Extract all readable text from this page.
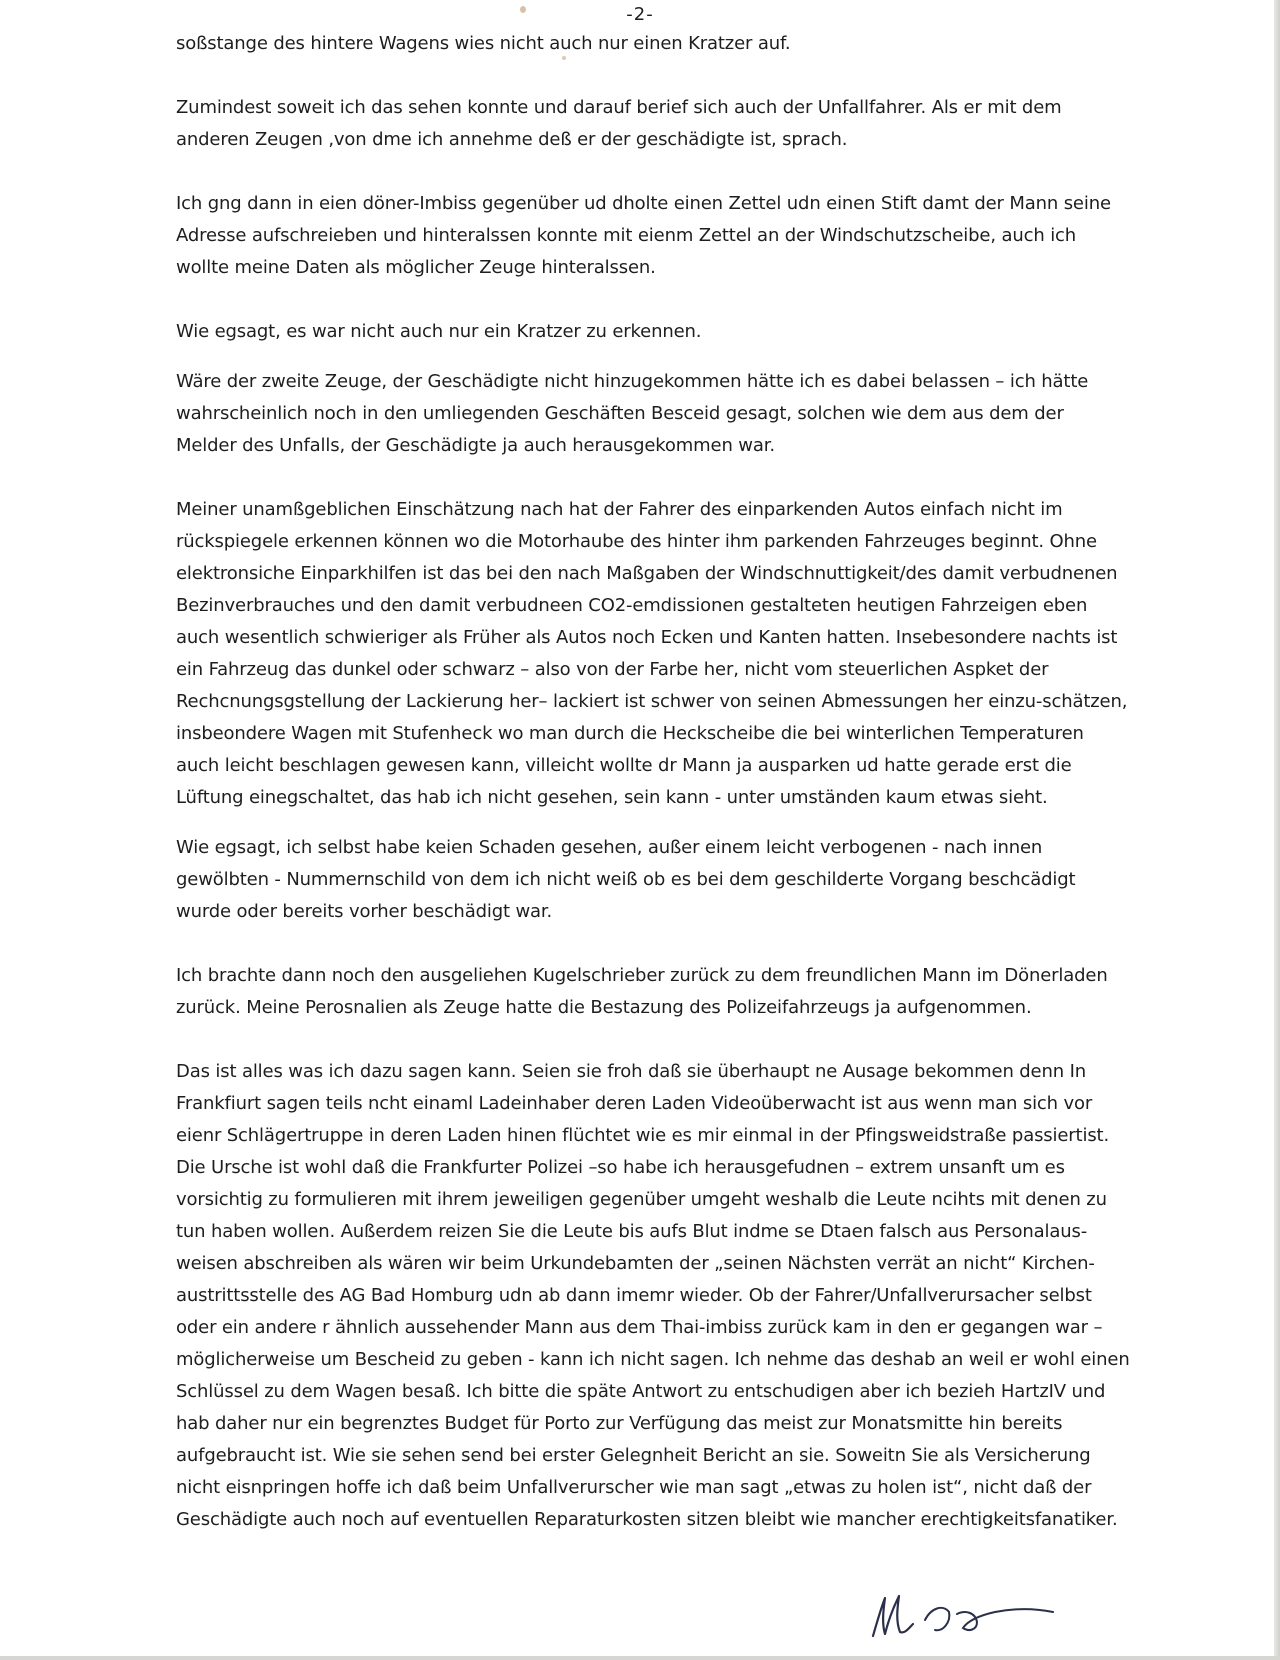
-2-
soßstange des hintere Wagens wies nicht auch nur einen Kratzer auf.
Zumindest soweit ich das sehen konnte und darauf berief sich auch der Unfallfahrer. Als er mit dem
anderen Zeugen ,von dme ich annehme deß er der geschädigte ist, sprach.
Ich gng dann in eien döner-Imbiss gegenüber ud dholte einen Zettel udn einen Stift damt der Mann seine
Adresse aufschreieben und hinteralssen konnte mit eienm Zettel an der Windschutzscheibe, auch ich
wollte meine Daten als möglicher Zeuge hinteralssen.
Wie egsagt, es war nicht auch nur ein Kratzer zu erkennen.
Wäre der zweite Zeuge, der Geschädigte nicht hinzugekommen hätte ich es dabei belassen – ich hätte
wahrscheinlich noch in den umliegenden Geschäften Besceid gesagt, solchen wie dem aus dem der
Melder des Unfalls, der Geschädigte ja auch herausgekommen war.
Meiner unamßgeblichen Einschätzung nach hat der Fahrer des einparkenden Autos einfach nicht im
rückspiegele erkennen können wo die Motorhaube des hinter ihm parkenden Fahrzeuges beginnt. Ohne
elektronsiche Einparkhilfen ist das bei den nach Maßgaben der Windschnuttigkeit/des damit verbudnenen
Bezinverbrauches und den damit verbudneen CO2-emdissionen gestalteten heutigen Fahrzeigen eben
auch wesentlich schwieriger als Früher als Autos noch Ecken und Kanten hatten. Insebesondere nachts ist
ein Fahrzeug das dunkel oder schwarz – also von der Farbe her, nicht vom steuerlichen Aspket der
Rechcnungsgstellung der Lackierung her– lackiert ist schwer von seinen Abmessungen her einzu-schätzen,
insbeondere Wagen mit Stufenheck wo man durch die Heckscheibe die bei winterlichen Temperaturen
auch leicht beschlagen gewesen kann, villeicht wollte dr Mann ja ausparken ud hatte gerade erst die
Lüftung einegschaltet, das hab ich nicht gesehen, sein kann - unter umständen kaum etwas sieht.
Wie egsagt, ich selbst habe keien Schaden gesehen, außer einem leicht verbogenen - nach innen
gewölbten - Nummernschild von dem ich nicht weiß ob es bei dem geschilderte Vorgang beschcädigt
wurde oder bereits vorher beschädigt war.
Ich brachte dann noch den ausgeliehen Kugelschrieber zurück zu dem freundlichen Mann im Dönerladen
zurück. Meine Perosnalien als Zeuge hatte die Bestazung des Polizeifahrzeugs ja aufgenommen.
Das ist alles was ich dazu sagen kann. Seien sie froh daß sie überhaupt ne Ausage bekommen denn In
Frankfiurt sagen teils ncht einaml Ladeinhaber deren Laden Videoüberwacht ist aus wenn man sich vor
eienr Schlägertruppe in deren Laden hinen flüchtet wie es mir einmal in der Pfingsweidstraße passiertist.
Die Ursche ist wohl daß die Frankfurter Polizei –so habe ich herausgefudnen – extrem unsanft um es
vorsichtig zu formulieren mit ihrem jeweiligen gegenüber umgeht weshalb die Leute ncihts mit denen zu
tun haben wollen. Außerdem reizen Sie die Leute bis aufs Blut indme se Dtaen falsch aus Personalaus-
weisen abschreiben als wären wir beim Urkundebamten der „seinen Nächsten verrät an nicht“ Kirchen-
austrittsstelle des AG Bad Homburg udn ab dann imemr wieder. Ob der Fahrer/Unfallverursacher selbst
oder ein andere r ähnlich aussehender Mann aus dem Thai-imbiss zurück kam in den er gegangen war –
möglicherweise um Bescheid zu geben - kann ich nicht sagen. Ich nehme das deshab an weil er wohl einen
Schlüssel zu dem Wagen besaß. Ich bitte die späte Antwort zu entschudigen aber ich bezieh HartzIV und
hab daher nur ein begrenztes Budget für Porto zur Verfügung das meist zur Monatsmitte hin bereits
aufgebraucht ist. Wie sie sehen send bei erster Gelegnheit Bericht an sie. Soweitn Sie als Versicherung
nicht eisnpringen hoffe ich daß beim Unfallverurscher wie man sagt „etwas zu holen ist“, nicht daß der
Geschädigte auch noch auf eventuellen Reparaturkosten sitzen bleibt wie mancher erechtigkeitsfanatiker.
